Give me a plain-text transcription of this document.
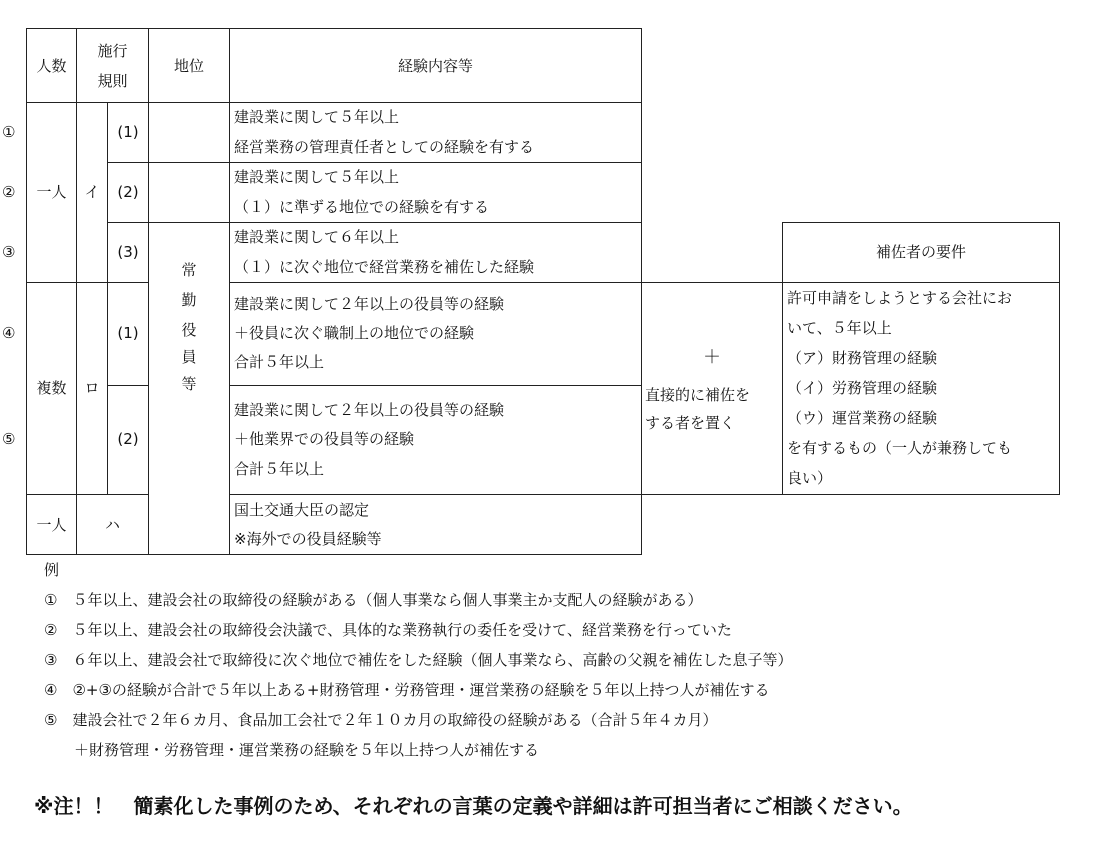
人数
施行
規則
地位	経験内容等
①
②
③
④
⑤
一人
複数
一人
イ
ロ
ハ
(1)
(2)
(3)
(1)
(2)
常
勤
役
員
等
建設業に関して５年以上
経営業務の管理責任者としての経験を有する
建設業に関して５年以上
（１）に準ずる地位での経験を有する
建設業に関して６年以上
（１）に次ぐ地位で経営業務を補佐した経験
建設業に関して２年以上の役員等の経験
＋役員に次ぐ職制上の地位での経験
合計５年以上
建設業に関して２年以上の役員等の経験
＋他業界での役員等の経験
合計５年以上
国土交通大臣の認定
※海外での役員経験等
＋
直接的に補佐を
する者を置く
補佐者の要件
許可申請をしようとする会社にお
いて、５年以上
（ア）財務管理の経験
（イ）労務管理の経験
（ウ）運営業務の経験
を有するもの（一人が兼務しても
良い）
例
①　５年以上、建設会社の取締役の経験がある（個人事業なら個人事業主か支配人の経験がある）
②　５年以上、建設会社の取締役会決議で、具体的な業務執行の委任を受けて、経営業務を行っていた
③　６年以上、建設会社で取締役に次ぐ地位で補佐をした経験（個人事業なら、高齢の父親を補佐した息子等）
④　②+③の経験が合計で５年以上ある+財務管理・労務管理・運営業務の経験を５年以上持つ人が補佐する
⑤　建設会社で２年６カ月、食品加工会社で２年１０カ月の取締役の経験がある（合計５年４カ月）
　　＋財務管理・労務管理・運営業務の経験を５年以上持つ人が補佐する
※注！！　簡素化した事例のため、それぞれの言葉の定義や詳細は許可担当者にご相談ください。
